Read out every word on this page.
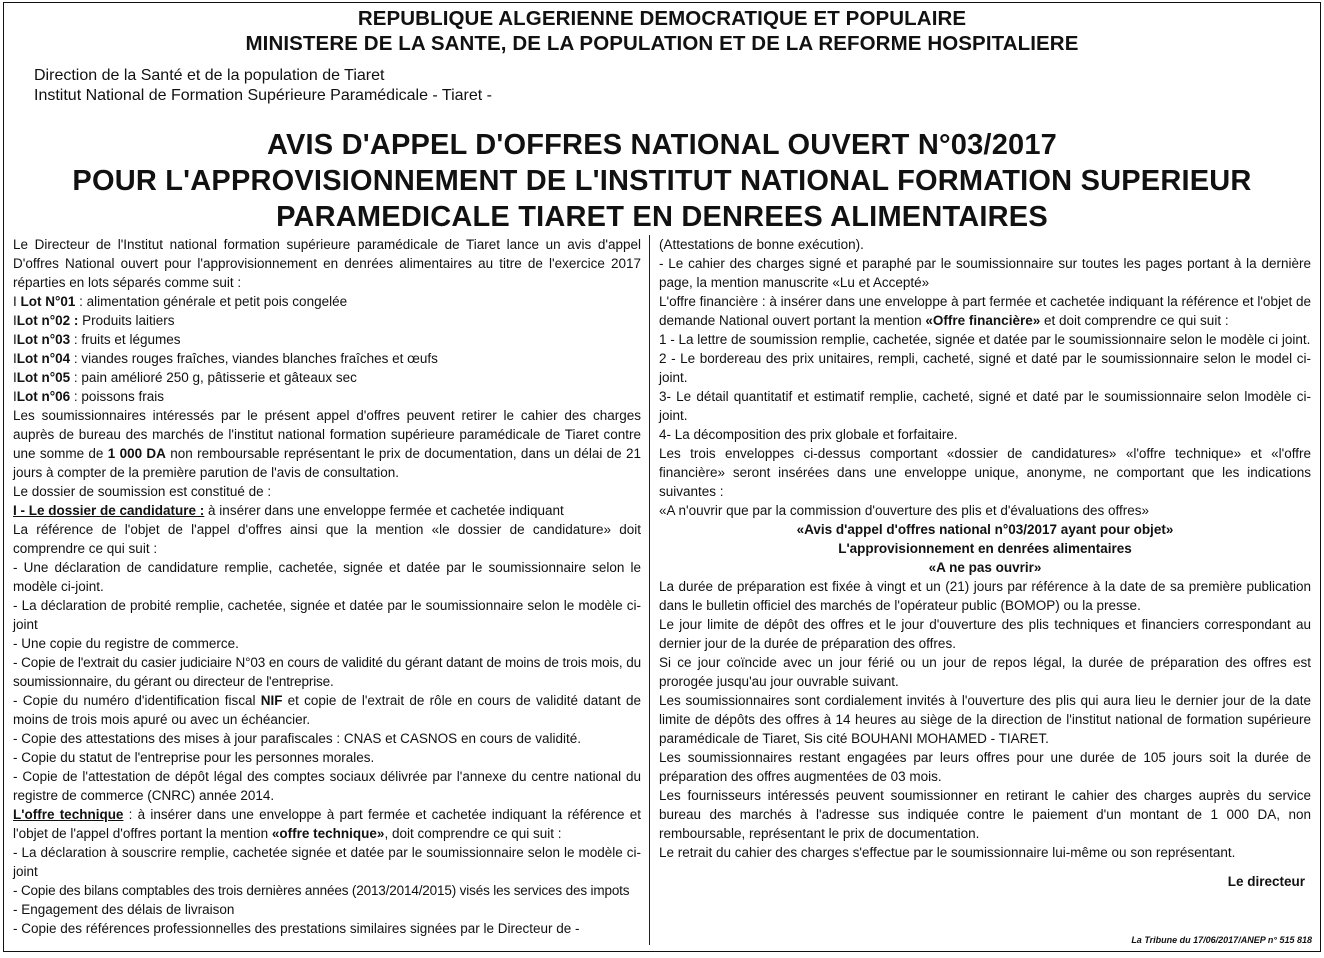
REPUBLIQUE ALGERIENNE DEMOCRATIQUE ET POPULAIRE
MINISTERE DE LA SANTE, DE LA POPULATION ET DE LA REFORME HOSPITALIERE
Direction de la Santé et de la population de Tiaret
Institut National de Formation Supérieure Paramédicale - Tiaret -
AVIS D'APPEL D'OFFRES NATIONAL OUVERT N°03/2017
POUR L'APPROVISIONNEMENT DE L'INSTITUT NATIONAL FORMATION SUPERIEUR
PARAMEDICALE TIARET EN DENREES ALIMENTAIRES

Le Directeur de l'Institut national formation supérieure paramédicale de Tiaret lance un avis d'appel D'offres National ouvert pour l'approvisionnement en denrées alimentaires au titre de l'exercice 2017 réparties en lots séparés comme suit :

I Lot N°01 : alimentation générale et petit pois congelée

ILot n°02 : Produits laitiers

ILot n°03 : fruits et légumes

ILot n°04 : viandes rouges fraîches, viandes blanches fraîches et œufs

ILot n°05 : pain amélioré 250 g, pâtisserie et gâteaux sec

ILot n°06 : poissons frais

Les soumissionnaires intéressés par le présent appel d'offres peuvent retirer le cahier des charges auprès de bureau des marchés de l'institut national formation supérieure paramédicale de Tiaret contre une somme de 1 000 DA non remboursable représentant le prix de documentation, dans un délai de 21 jours à compter de la première parution de l'avis de consultation.

Le dossier de soumission est constitué de :

I - Le dossier de candidature : à insérer dans une enveloppe fermée et cachetée indiquant

La référence de l'objet de l'appel d'offres ainsi que la mention «le dossier de candidature» doit comprendre ce qui suit :

- Une déclaration de candidature remplie, cachetée, signée et datée par le soumissionnaire selon le modèle ci-joint.

- La déclaration de probité remplie, cachetée, signée et datée par le soumissionnaire selon le modèle ci-joint

- Une copie du registre de commerce.

- Copie de l'extrait du casier judiciaire N°03 en cours de validité du gérant datant de moins de trois mois, du soumissionnaire, du gérant ou directeur de l'entreprise.

- Copie du numéro d'identification fiscal NIF et copie de l'extrait de rôle en cours de validité datant de moins de trois mois apuré ou avec un échéancier.

- Copie des attestations des mises à jour parafiscales : CNAS et CASNOS en cours de validité.

- Copie du statut de l'entreprise pour les personnes morales.

- Copie de l'attestation de dépôt légal des comptes sociaux délivrée par l'annexe du centre national du registre de commerce (CNRC) année 2014.

L'offre technique : à insérer dans une enveloppe à part fermée et cachetée indiquant la référence et l'objet de l'appel d'offres portant la mention «offre technique», doit comprendre ce qui suit :

- La déclaration à souscrire remplie, cachetée signée et datée par le soumissionnaire selon le modèle ci-joint

- Copie des bilans comptables des trois dernières années (2013/2014/2015) visés les services des impots

- Engagement des délais de livraison

- Copie des références professionnelles des prestations similaires signées par le Directeur de -

(Attestations de bonne exécution).

- Le cahier des charges signé et paraphé par le soumissionnaire sur toutes les pages portant à la dernière page, la mention manuscrite «Lu et Accepté»

L'offre financière : à insérer dans une enveloppe à part fermée et cachetée indiquant la référence et l'objet de demande National ouvert portant la mention «Offre financière» et doit comprendre ce qui suit :

1 - La lettre de soumission remplie, cachetée, signée et datée par le soumissionnaire selon le modèle ci joint.

2 - Le bordereau des prix unitaires, rempli, cacheté, signé et daté par le soumissionnaire selon le model ci-joint.

3- Le détail quantitatif et estimatif remplie, cacheté, signé et daté par le soumissionnaire selon lmodèle ci-joint.

4- La décomposition des prix globale et forfaitaire.

Les trois enveloppes ci-dessus comportant «dossier de candidatures» «l'offre technique» et «l'offre financière» seront insérées dans une enveloppe unique, anonyme, ne comportant que les indications suivantes :

«A n'ouvrir que par la commission d'ouverture des plis et d'évaluations des offres»

«Avis d'appel d'offres national n°03/2017 ayant pour objet»

L'approvisionnement en denrées alimentaires

«A ne pas ouvrir»

La durée de préparation est fixée à vingt et un (21) jours par référence à la date de sa première publication dans le bulletin officiel des marchés de l'opérateur public (BOMOP) ou la presse.

Le jour limite de dépôt des offres et le jour d'ouverture des plis techniques et financiers correspondant au dernier jour de la durée de préparation des offres.

Si ce jour coïncide avec un jour férié ou un jour de repos légal, la durée de préparation des offres est prorogée jusqu'au jour ouvrable suivant.

Les soumissionnaires sont cordialement invités à l'ouverture des plis qui aura lieu le dernier jour de la date limite de dépôts des offres à 14 heures au siège de la direction de l'institut national de formation supérieure paramédicale de Tiaret, Sis cité BOUHANI MOHAMED - TIARET.

Les soumissionnaires restant engagées par leurs offres pour une durée de 105 jours soit la durée de préparation des offres augmentées de 03 mois.

Les fournisseurs intéressés peuvent soumissionner en retirant le cahier des charges auprès du service bureau des marchés à l'adresse sus indiquée contre le paiement d'un montant de 1 000 DA, non remboursable, représentant le prix de documentation.

Le retrait du cahier des charges s'effectue par le soumissionnaire lui-même ou son représentant.

Le directeur

La Tribune du 17/06/2017/ANEP n° 515 818
